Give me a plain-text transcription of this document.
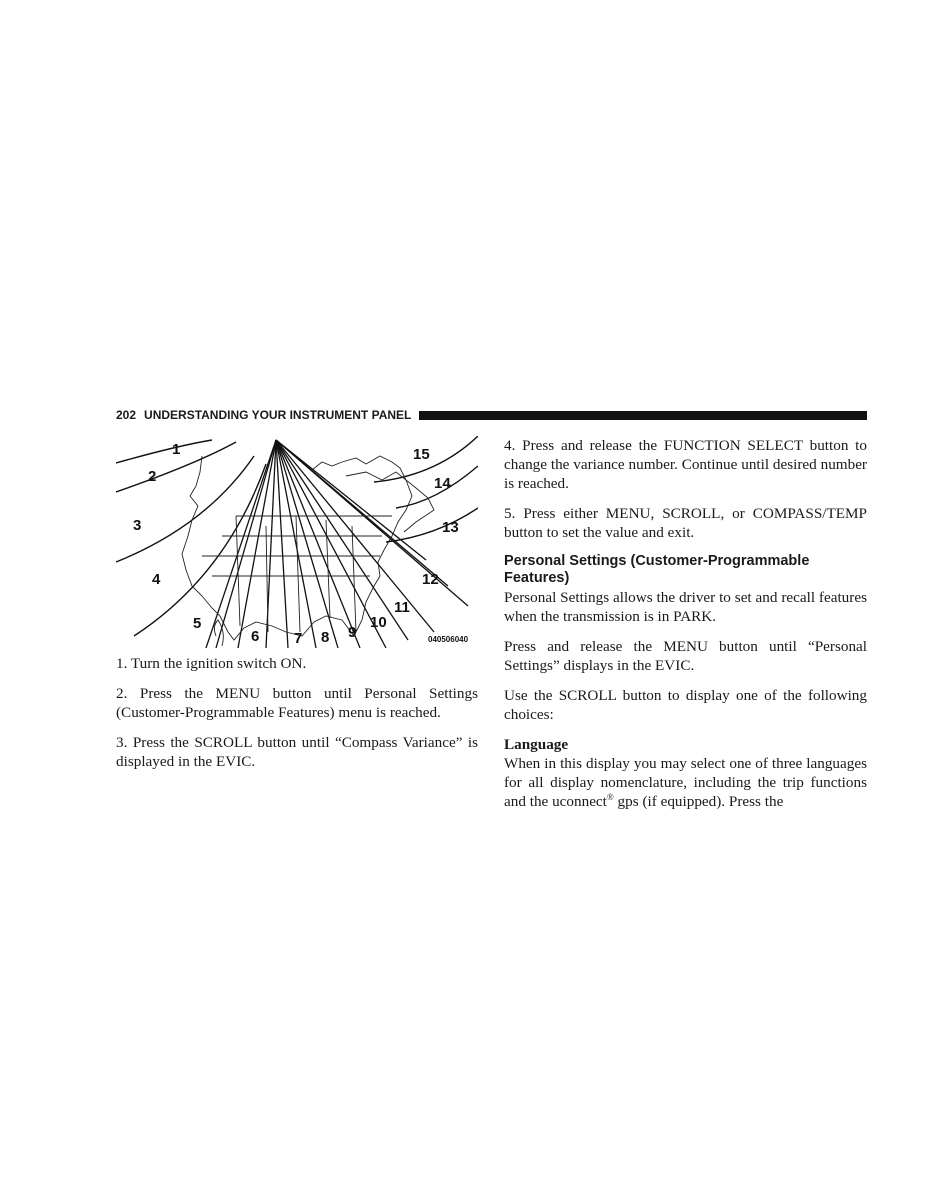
202 UNDERSTANDING YOUR INSTRUMENT PANEL
1
2
3
4
5
6 7 8 9
10
11
12
13
14
15
040506040

1. Turn the ignition switch ON.

2. Press the MENU button until Personal Settings (Customer-Programmable Features) menu is reached.

3. Press the SCROLL button until “Compass Variance” is displayed in the EVIC.

4. Press and release the FUNCTION SELECT button to change the variance number. Continue until desired number is reached.

5. Press either MENU, SCROLL, or COMPASS/TEMP button to set the value and exit.

Personal Settings (Customer-Programmable Features)

Personal Settings allows the driver to set and recall features when the transmission is in PARK.

Press and release the MENU button until “Personal Settings” displays in the EVIC.

Use the SCROLL button to display one of the following choices:

Language

When in this display you may select one of three languages for all display nomenclature, including the trip functions and the uconnect® gps (if equipped). Press the
